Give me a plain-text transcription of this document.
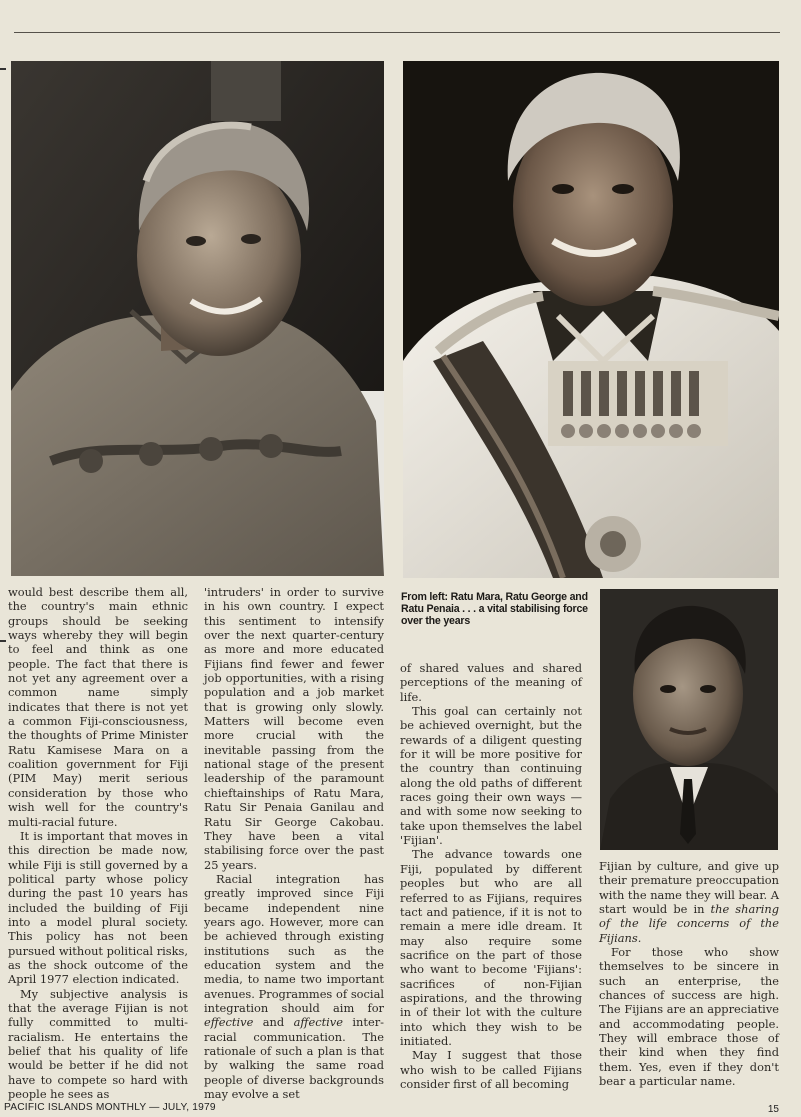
would best describe them all, the country's main ethnic groups should be seeking ways whereby they will begin to feel and think as one people. The fact that there is not yet any agreement over a common name simply indicates that there is not yet a common Fiji-consciousness, the thoughts of Prime Minister Ratu Kamisese Mara on a coalition government for Fiji (PIM May) merit serious consideration by those who wish well for the country's multi-racial future.

It is important that moves in this direction be made now, while Fiji is still governed by a political party whose policy during the past 10 years has included the building of Fiji into a model plural society. This policy has not been pursued without political risks, as the shock outcome of the April 1977 election indicated.

My subjective analysis is that the average Fijian is not fully committed to multi-racialism. He entertains the belief that his quality of life would be better if he did not have to compete so hard with people he sees as

'intruders' in order to survive in his own country. I expect this sentiment to intensify over the next quarter-century as more and more educated Fijians find fewer and fewer job opportunities, with a rising population and a job market that is growing only slowly. Matters will become even more crucial with the inevitable passing from the national stage of the present leadership of the paramount chieftainships of Ratu Mara, Ratu Sir Penaia Ganilau and Ratu Sir George Cakobau. They have been a vital stabilising force over the past 25 years.

Racial integration has greatly improved since Fiji became independent nine years ago. However, more can be achieved through existing institutions such as the education system and the media, to name two important avenues. Programmes of social integration should aim for effective and affective inter-racial communication. The rationale of such a plan is that by walking the same road people of diverse backgrounds may evolve a set

From left: Ratu Mara, Ratu George and Ratu Penaia . . . a vital stabilising force over the years

of shared values and shared perceptions of the meaning of life.

This goal can certainly not be achieved overnight, but the rewards of a diligent questing for it will be more positive for the country than continuing along the old paths of different races going their own ways — and with some now seeking to take upon themselves the label 'Fijian'.

The advance towards one Fiji, populated by different peoples but who are all referred to as Fijians, requires tact and patience, if it is not to remain a mere idle dream. It may also require some sacrifice on the part of those who want to become 'Fijians': sacrifices of non-Fijian aspirations, and the throwing in of their lot with the culture into which they wish to be initiated.

May I suggest that those who wish to be called Fijians consider first of all becoming

Fijian by culture, and give up their premature preoccupation with the name they will bear. A start would be in the sharing of the life concerns of the Fijians.

For those who show themselves to be sincere in such an enterprise, the chances of success are high. The Fijians are an appreciative and accommodating people. They will embrace those of their kind when they find them. Yes, even if they don't bear a particular name.

PACIFIC ISLANDS MONTHLY — JULY, 1979	15
